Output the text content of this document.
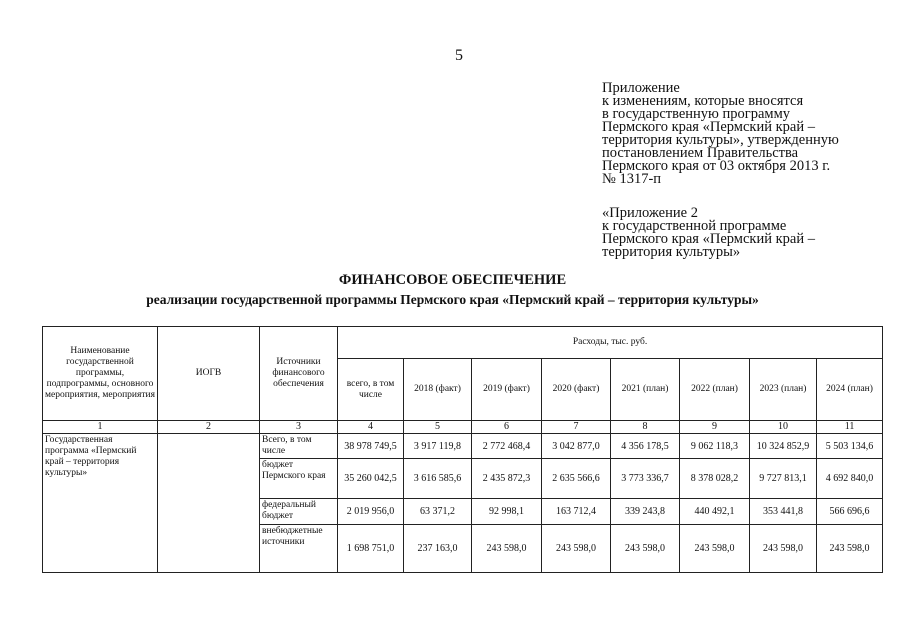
5
Приложение
к изменениям, которые вносятся
в государственную программу
Пермского края «Пермский край –
территория культуры», утвержденную
постановлением Правительства
Пермского края от 03 октября 2013 г.
№ 1317-п
«Приложение 2
к государственной программе
Пермского края «Пермский край –
территория культуры»
ФИНАНСОВОЕ ОБЕСПЕЧЕНИЕ
реализации государственной программы Пермского края «Пермский край – территория культуры»
Наименование государственной программы, подпрограммы, основного мероприятия, мероприятия	ИОГВ	Источники финансового обеспечения	Расходы, тыс. руб.							
			всего, в том числе	2018 (факт)	2019 (факт)	2020 (факт)	2021 (план)	2022 (план)	2023 (план)	2024 (план)
1	2	3	4	5	6	7	8	9	10	11
Государственная программа «Пермский край – территория культуры»		Всего, в том числе	38 978 749,5	3 917 119,8	2 772 468,4	3 042 877,0	4 356 178,5	9 062 118,3	10 324 852,9	5 503 134,6
		бюджет Пермского края	35 260 042,5	3 616 585,6	2 435 872,3	2 635 566,6	3 773 336,7	8 378 028,2	9 727 813,1	4 692 840,0
		федеральный бюджет	2 019 956,0	63 371,2	92 998,1	163 712,4	339 243,8	440 492,1	353 441,8	566 696,6
		внебюджетные источники	1 698 751,0	237 163,0	243 598,0	243 598,0	243 598,0	243 598,0	243 598,0	243 598,0
